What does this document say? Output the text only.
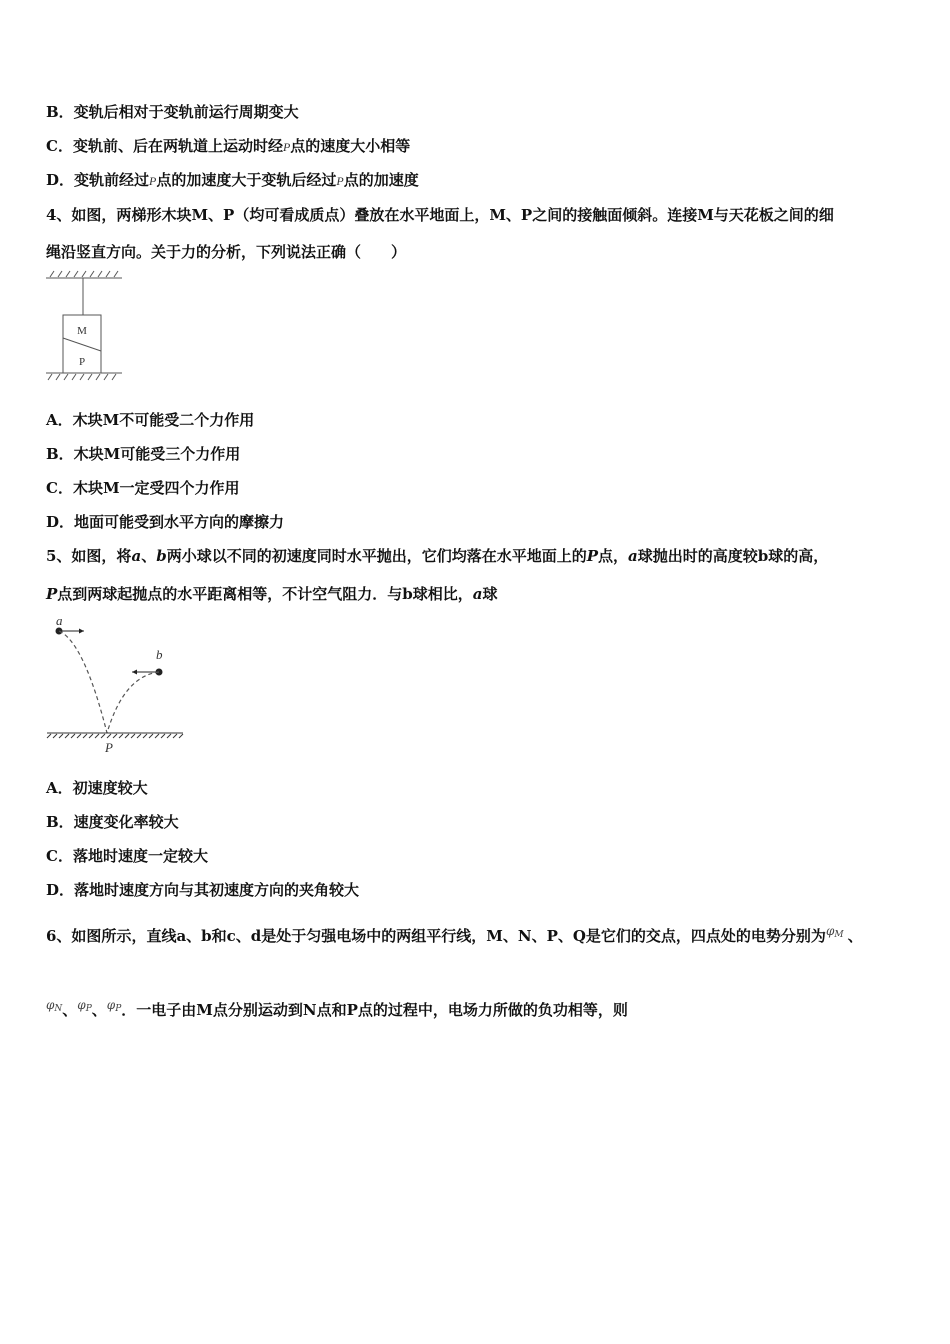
B．变轨后相对于变轨前运行周期变大
C．变轨前、后在两轨道上运动时经P点的速度大小相等
D．变轨前经过P点的加速度大于变轨后经过P点的加速度
4、如图，两梯形木块M、P（均可看成质点）叠放在水平地面上，M、P之间的接触面倾斜。连接M与天花板之间的细
绳沿竖直方向。关于力的分析，下列说法正确（　　）
M
P
A．木块M不可能受二个力作用
B．木块M可能受三个力作用
C．木块M一定受四个力作用
D．地面可能受到水平方向的摩擦力
5、如图，将a、b两小球以不同的初速度同时水平抛出，它们均落在水平地面上的P点，a球抛出时的高度较b球的高，
P点到两球起抛点的水平距离相等，不计空气阻力．与b球相比，a球
a
b
P
A．初速度较大
B．速度变化率较大
C．落地时速度一定较大
D．落地时速度方向与其初速度方向的夹角较大
6、如图所示，直线a、b和c、d是处于匀强电场中的两组平行线，M、N、P、Q是它们的交点，四点处的电势分别为$^{\varphi_M}$ 、
$^{\varphi_N}$、$^{\varphi_P}$、$^{\varphi_P}$．一电子由M点分别运动到N点和P点的过程中，电场力所做的负功相等，则
